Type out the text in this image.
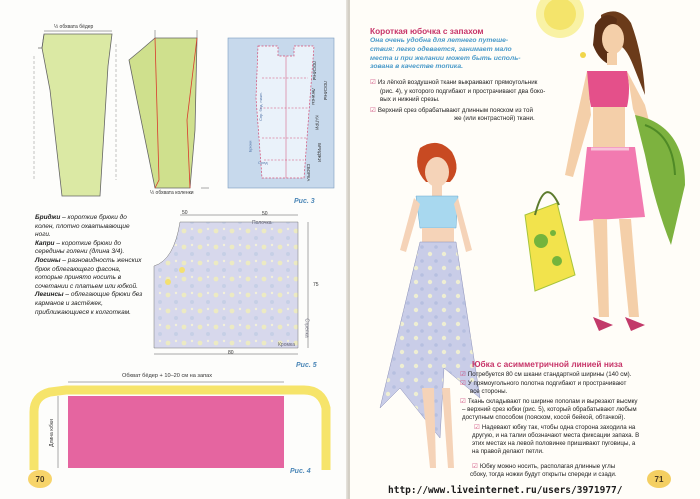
½ обхвата бёдер
½ обхвата коленки
Спр. бед. нижн.
ЛОСИНЫ
Легинсы
КАПРИ
БРИДЖИ
СБОРКА
Брюки
ЛОСИНЫ
Сред
Рис. 3
Бриджи – короткие брюки до колен, плотно охватывающие ноги.
Капри – короткие брюки до середины голени (длина 3/4).
Лосины – разновидность женских брюк облегающего фасона, которые принято носить в сочетании с платьем или юбкой.
Легинсы – облегающие брюки без карманов и застёжек, приближающиеся к колготкам.
50	50
75
80
Полочка
Стрелка
Кромка
Рис. 5
Обхват бёдер + 10–20 см на запах
Длина юбки
Рис. 4
70
Короткая юбочка с запахом
Она очень удобна для летнего путеше-
ствия: легко одевается, занимает мало
места и при желании может быть исполь-
зована в качестве топика.
☑ Из лёгкой воздушной ткани выкраивают прямоугольник
(рис. 4), у которого подгибают и прострачивают два боко-
вых и нижний срезы.
☑ Верхний срез обрабатывают длинным пояском из той
же (или контрастной) ткани.
Юбка с асимметричной линией низа
☑ Потребуется 80 см шкани стандартной ширины (140 см).
☑ У прямоугольного полотна подгибают и прострачивают
все стороны.
☑ Ткань складывают по ширине пополам и вырезают высмку
– верхний срез юбки (рис. 5), который обрабатывают любым
доступным способом (пояском, косой бейкой, обтачкой).
☑ Надевают юбку так, чтобы одна сторона заходила на
другую, и на талии обозначают места фиксации запаха. В
этих местах на левой половинке пришивают пуговицы, а
на правой делают петли.
☑ Юбку можно носить, располагая длинные углы
сбоку, тогда ножки будут открыты спереди и сзади.	71
http://www.liveinternet.ru/users/3971977/
